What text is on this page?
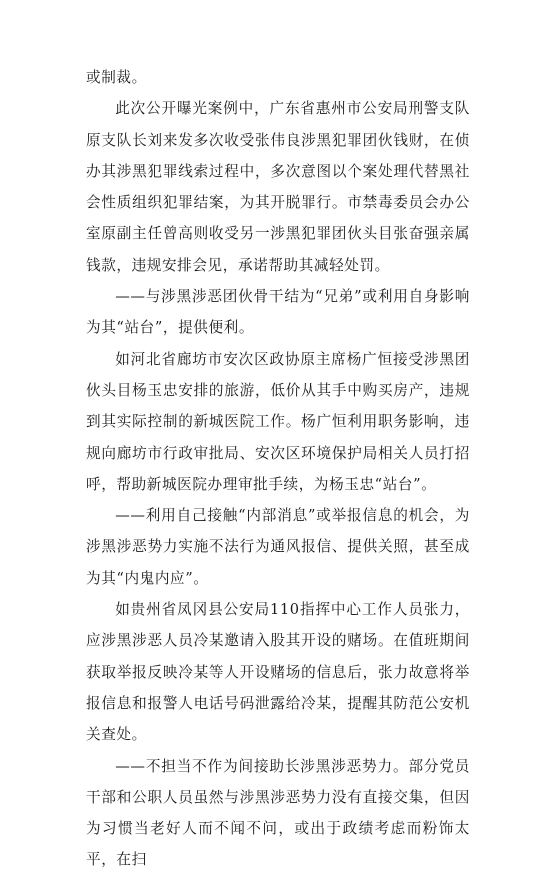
或制裁。

此次公开曝光案例中，广东省惠州市公安局刑警支队原支队长刘来发多次收受张伟良涉黑犯罪团伙钱财，在侦办其涉黑犯罪线索过程中，多次意图以个案处理代替黑社会性质组织犯罪结案，为其开脱罪行。市禁毒委员会办公室原副主任曾高则收受另一涉黑犯罪团伙头目张奋强亲属钱款，违规安排会见，承诺帮助其减轻处罚。

——与涉黑涉恶团伙骨干结为“兄弟”或利用自身影响为其“站台”，提供便利。

如河北省廊坊市安次区政协原主席杨广恒接受涉黑团伙头目杨玉忠安排的旅游，低价从其手中购买房产，违规到其实际控制的新城医院工作。杨广恒利用职务影响，违规向廊坊市行政审批局、安次区环境保护局相关人员打招呼，帮助新城医院办理审批手续，为杨玉忠“站台”。

——利用自己接触“内部消息”或举报信息的机会，为涉黑涉恶势力实施不法行为通风报信、提供关照，甚至成为其“内鬼内应”。

如贵州省凤冈县公安局110指挥中心工作人员张力，应涉黑涉恶人员冷某邀请入股其开设的赌场。在值班期间获取举报反映冷某等人开设赌场的信息后，张力故意将举报信息和报警人电话号码泄露给冷某，提醒其防范公安机关查处。

——不担当不作为间接助长涉黑涉恶势力。部分党员干部和公职人员虽然与涉黑涉恶势力没有直接交集，但因为习惯当老好人而不闻不问，或出于政绩考虑而粉饰太平，在扫
